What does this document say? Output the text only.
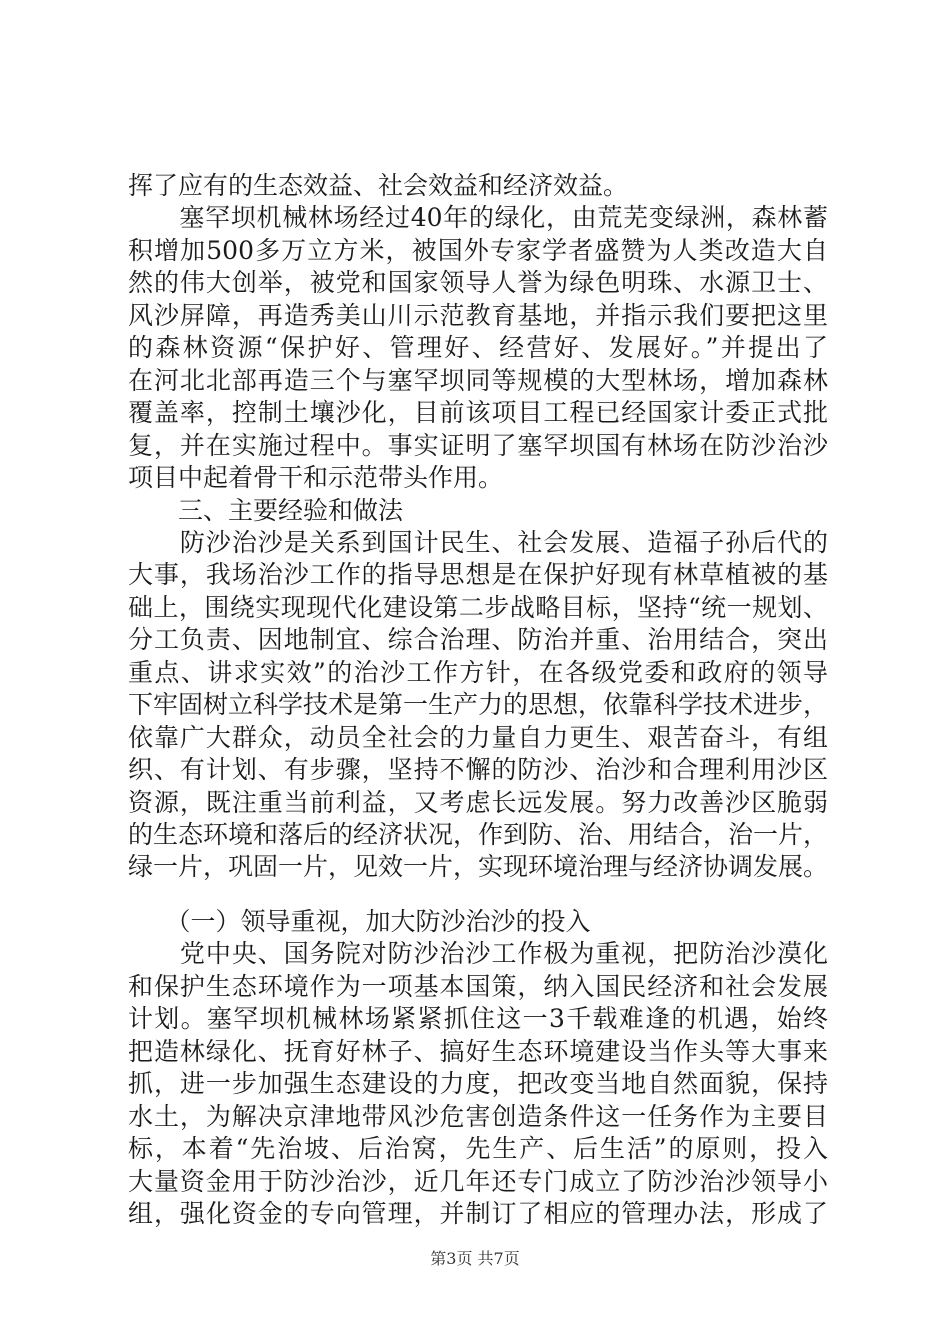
挥了应有的生态效益、社会效益和经济效益。
　　塞罕坝机械林场经过40年的绿化，由荒芜变绿洲，森林蓄
积增加500多万立方米，被国外专家学者盛赞为人类改造大自
然的伟大创举，被党和国家领导人誉为绿色明珠、水源卫士、
风沙屏障，再造秀美山川示范教育基地，并指示我们要把这里
的森林资源“保护好、管理好、经营好、发展好。”并提出了
在河北北部再造三个与塞罕坝同等规模的大型林场，增加森林
覆盖率，控制土壤沙化，目前该项目工程已经国家计委正式批
复，并在实施过程中。事实证明了塞罕坝国有林场在防沙治沙
项目中起着骨干和示范带头作用。
　　三、主要经验和做法
　　防沙治沙是关系到国计民生、社会发展、造福子孙后代的
大事，我场治沙工作的指导思想是在保护好现有林草植被的基
础上，围绕实现现代化建设第二步战略目标，坚持“统一规划、
分工负责、因地制宜、综合治理、防治并重、治用结合，突出
重点、讲求实效”的治沙工作方针，在各级党委和政府的领导
下牢固树立科学技术是第一生产力的思想，依靠科学技术进步，
依靠广大群众，动员全社会的力量自力更生、艰苦奋斗，有组
织、有计划、有步骤，坚持不懈的防沙、治沙和合理利用沙区
资源，既注重当前利益，又考虑长远发展。努力改善沙区脆弱
的生态环境和落后的经济状况，作到防、治、用结合，治一片，
绿一片，巩固一片，见效一片，实现环境治理与经济协调发展。
　　（一）领导重视，加大防沙治沙的投入
　　党中央、国务院对防沙治沙工作极为重视，把防治沙漠化
和保护生态环境作为一项基本国策，纳入国民经济和社会发展
计划。塞罕坝机械林场紧紧抓住这一3千载难逢的机遇，始终
把造林绿化、抚育好林子、搞好生态环境建设当作头等大事来
抓，进一步加强生态建设的力度，把改变当地自然面貌，保持
水土，为解决京津地带风沙危害创造条件这一任务作为主要目
标，本着“先治坡、后治窝，先生产、后生活”的原则，投入
大量资金用于防沙治沙，近几年还专门成立了防沙治沙领导小
组，强化资金的专向管理，并制订了相应的管理办法，形成了
第3页 共7页
